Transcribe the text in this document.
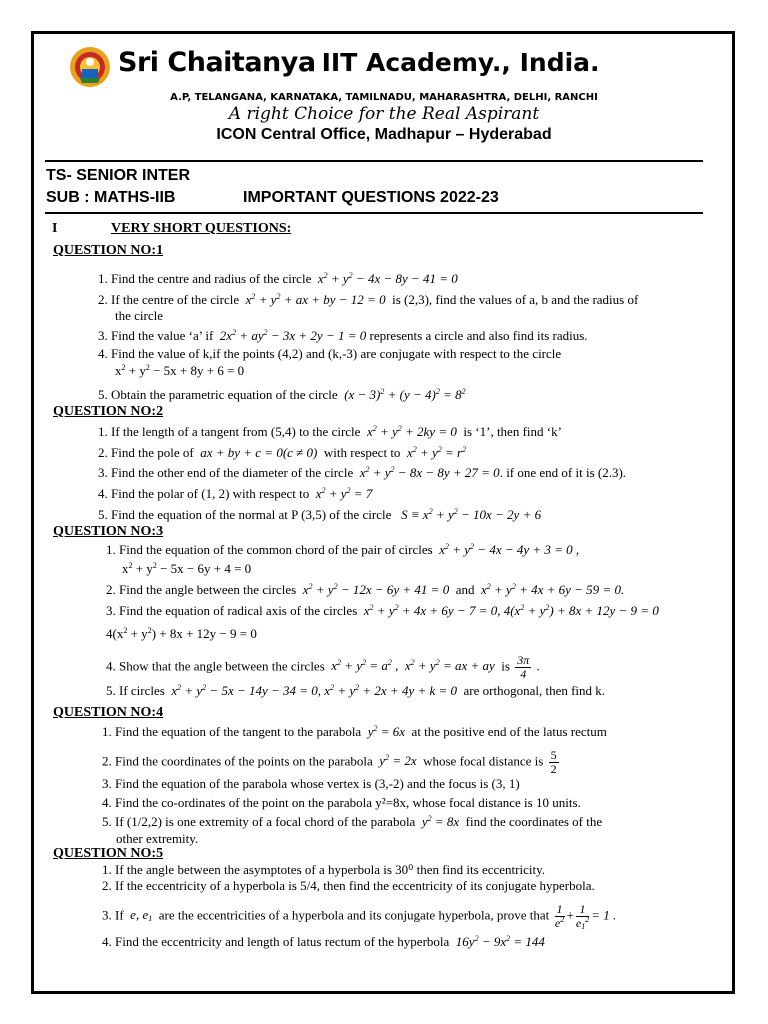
Sri Chaitanya IIT Academy., India.
A.P, TELANGANA, KARNATAKA, TAMILNADU, MAHARASHTRA, DELHI, RANCHI
A right Choice for the Real Aspirant
ICON Central Office, Madhapur – Hyderabad
TS- SENIOR INTER
SUB : MATHS-IIB	IMPORTANT QUESTIONS 2022-23
I	VERY SHORT QUESTIONS:
QUESTION NO:1
1. Find the centre and radius of the circle  $x^2 + y^2 - 4x - 8y - 41 = 0$
2. If the centre of the circle  $x^2 + y^2$ + ax + by − 12 = 0  is (2,3), find the values of a, b and the radius of
the circle
3. Find the value ‘a’ if  $2x^2 + ay^2 - 3x + 2y - 1 = 0$ represents a circle and also find its radius.
4. Find the value of k,if the points (4,2) and (k,-3) are conjugate with respect to the circle
$x^2 + y^2 - 5x + 8y + 6 = 0$
5. Obtain the parametric equation of the circle  $(x - 3)^2 + (y - 4)^2 = 8^2$
QUESTION NO:2
1. If the length of a tangent from (5,4) to the circle  $x^2 + y^2 + 2ky = 0$  is ‘1’, then find ‘k’
2. Find the pole of  ax + by + c = 0(c ≠ 0)  with respect to  $x^2 + y^2 = r^2$
3. Find the other end of the diameter of the circle  $x^2 + y^2 - 8x - 8y + 27 = 0$. if one end of it is (2.3).
4. Find the polar of (1, 2) with respect to  $x^2 + y^2 = 7$
5. Find the equation of the normal at P (3,5) of the circle   $S \equiv x^2 + y^2 - 10x - 2y + 6$
QUESTION NO:3
1. Find the equation of the common chord of the pair of circles  $x^2 + y^2 - 4x - 4y + 3 = 0$ ,
$x^2 + y^2 - 5x - 6y + 4 = 0$
2. Find the angle between the circles  $x^2 + y^2 - 12x - 6y + 41 = 0$  and  $x^2 + y^2 + 4x + 6y - 59 = 0$.
3. Find the equation of radical axis of the circles  $x^2 + y^2 + 4x + 6y - 7 = 0$, $4(x^2 + y^2) + 8x + 12y - 9 = 0$
$4(x^2 + y^2) + 8x + 12y - 9 = 0$
4. Show that the angle between the circles  $x^2 + y^2 = a^2$ ,  $x^2 + y^2$ = ax + ay  is $\frac{3\pi}{4}$ .
5. If circles  $x^2 + y^2 - 5x - 14y - 34 = 0$, $x^2 + y^2 + 2x + 4y + k = 0$  are orthogonal, then find k.
QUESTION NO:4
1. Find the equation of the tangent to the parabola  $y^2 = 6x$  at the positive end of the latus rectum
2. Find the coordinates of the points on the parabola  $y^2 = 2x$  whose focal distance is $\frac{5}{2}$
3. Find the equation of the parabola whose vertex is (3,-2) and the focus is (3, 1)
4. Find the co-ordinates of the point on the parabola y²=8x, whose focal distance is 10 units.
5. If (1/2,2) is one extremity of a focal chord of the parabola  $y^2 = 8x$  find the coordinates of the
other extremity.
QUESTION NO:5
1. If the angle between the asymptotes of a hyperbola is 30⁰ then find its eccentricity.
2. If the eccentricity of a hyperbola is 5/4, then find the eccentricity of its conjugate hyperbola.
3. If  e, $e_1$ are the eccentricities of a hyperbola and its conjugate hyperbola, prove that $\frac{1}{e^2} + \frac{1}{e_1^2} = 1$ .
4. Find the eccentricity and length of latus rectum of the hyperbola  $16y^2 - 9x^2 = 144$
